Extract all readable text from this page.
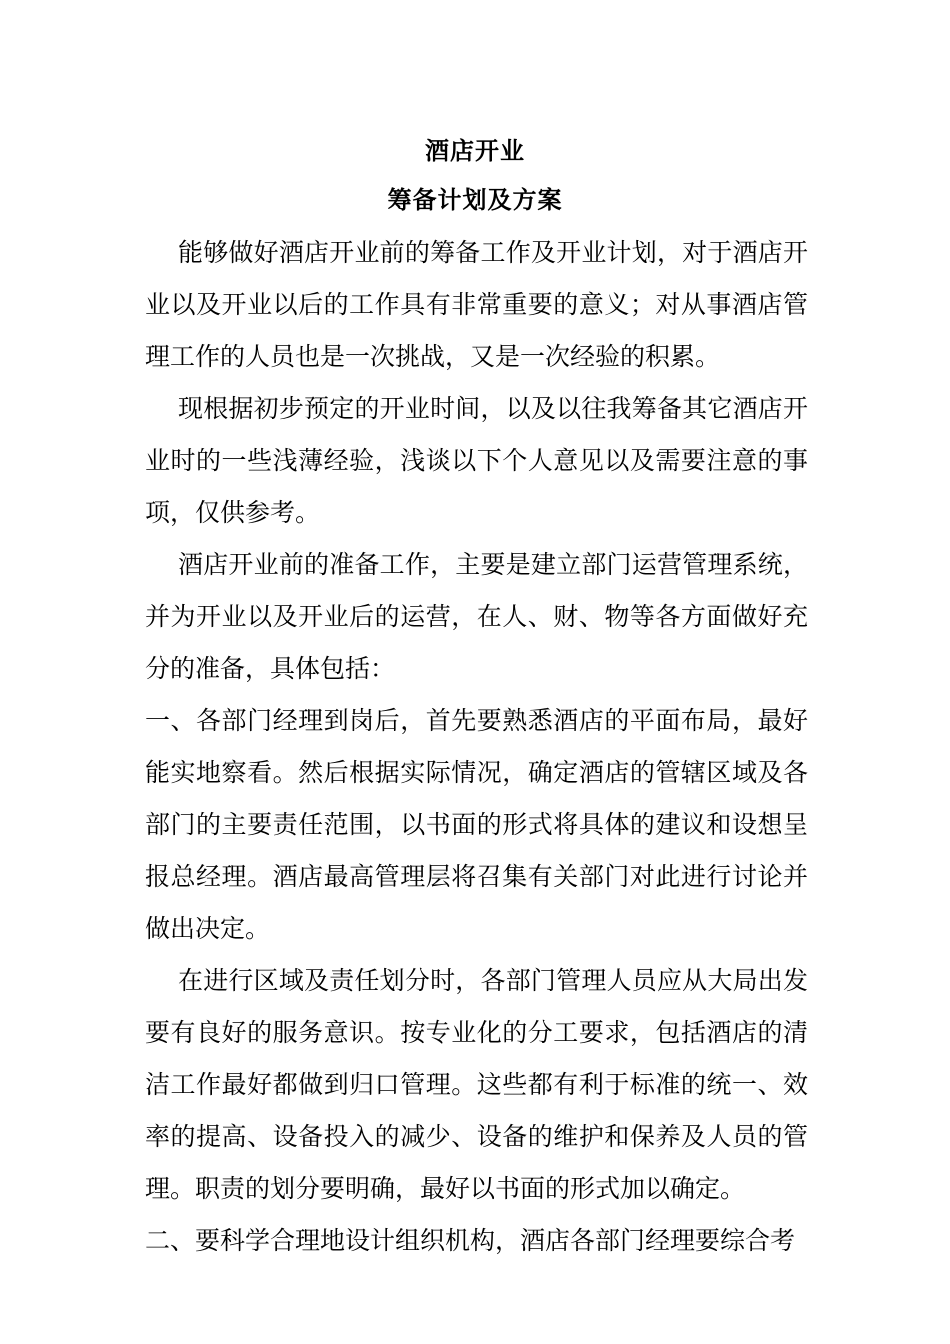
酒店开业
筹备计划及方案

能够做好酒店开业前的筹备工作及开业计划，对于酒店开业以及开业以后的工作具有非常重要的意义；对从事酒店管理工作的人员也是一次挑战，又是一次经验的积累。

现根据初步预定的开业时间，以及以往我筹备其它酒店开业时的一些浅薄经验，浅谈以下个人意见以及需要注意的事项，仅供参考。

酒店开业前的准备工作，主要是建立部门运营管理系统，并为开业以及开业后的运营，在人、财、物等各方面做好充分的准备，具体包括：

一、各部门经理到岗后，首先要熟悉酒店的平面布局，最好能实地察看。然后根据实际情况，确定酒店的管辖区域及各部门的主要责任范围，以书面的形式将具体的建议和设想呈报总经理。酒店最高管理层将召集有关部门对此进行讨论并做出决定。

在进行区域及责任划分时，各部门管理人员应从大局出发要有良好的服务意识。按专业化的分工要求，包括酒店的清洁工作最好都做到归口管理。这些都有利于标准的统一、效率的提高、设备投入的减少、设备的维护和保养及人员的管理。职责的划分要明确，最好以书面的形式加以确定。

二、要科学合理地设计组织机构，酒店各部门经理要综合考
